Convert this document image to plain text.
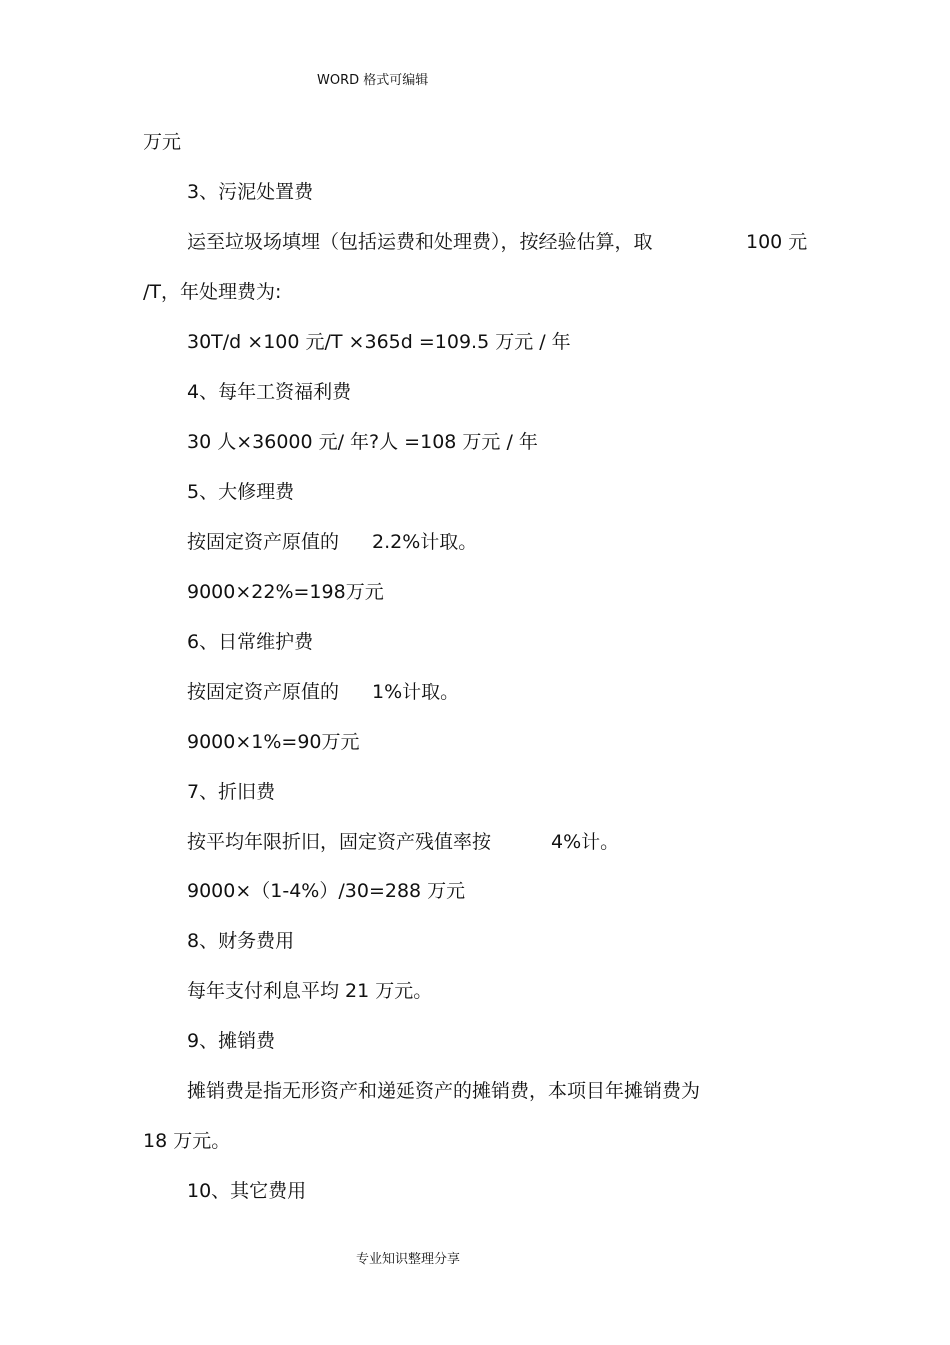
WORD 格式可编辑
万元
3、污泥处置费
运至垃圾场填埋（包括运费和处理费），按经验估算，取	100 元
/T，年处理费为:
30T/d ×100 元/T ×365d =109.5 万元 / 年
4、每年工资福利费
30 人×36000 元/ 年?人 =108 万元 / 年
5、大修理费
按固定资产原值的 2.2%计取。
9000×22%=198万元
6、日常维护费
按固定资产原值的 1%计取。
9000×1%=90万元
7、折旧费
按平均年限折旧，固定资产残值率按	4%计。
9000×（1-4%）/30=288 万元
8、财务费用
每年支付利息平均 21 万元。
9、摊销费
摊销费是指无形资产和递延资产的摊销费，本项目年摊销费为
18 万元。
10、其它费用
专业知识整理分享
